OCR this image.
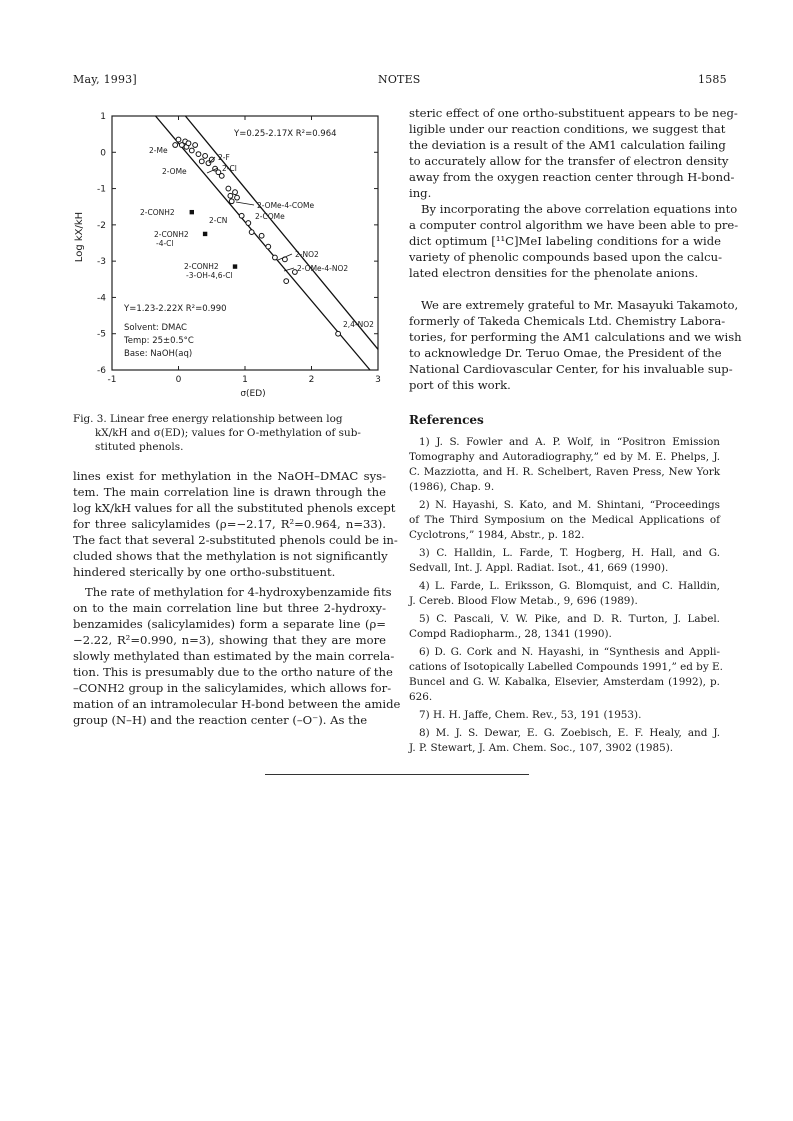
May, 1993]	NOTES	1585
-1	0	1	2	3
1
0
-1
-2
-3
-4
-5
-6
σ(ED)
Log kX/kH
Y=0.25-2.17X R²=0.964
Y=1.23-2.22X R²=0.990
Solvent: DMAC
Temp: 25±0.5°C
Base: NaOH(aq)
2-Me
2-F
2-OMe	2-Cl
2-OMe-4-COMe
2-CONH2
2-CN	2-COMe
2-CONH2 -4-Cl
2-NO2
2-CONH2 -3-OH-4,6-Cl
2-OMe-4-NO2
2,4-NO2
Fig. 3. Linear free energy relationship between log
kX/kH and σ(ED); values for O-methylation of sub-
stituted phenols.
lines exist for methylation in the NaOH–DMAC sys-
tem. The main correlation line is drawn through the
log kX/kH values for all the substituted phenols except
for three salicylamides (ρ=−2.17, R²=0.964, n=33).
The fact that several 2-substituted phenols could be in-
cluded shows that the methylation is not significantly
hindered sterically by one ortho-substituent.
The rate of methylation for 4-hydroxybenzamide fits
on to the main correlation line but three 2-hydroxy-
benzamides (salicylamides) form a separate line (ρ=
−2.22, R²=0.990, n=3), showing that they are more
slowly methylated than estimated by the main correla-
tion. This is presumably due to the ortho nature of the
–CONH2 group in the salicylamides, which allows for-
mation of an intramolecular H-bond between the amide
group (N–H) and the reaction center (–O⁻). As the
steric effect of one ortho-substituent appears to be neg-
ligible under our reaction conditions, we suggest that
the deviation is a result of the AM1 calculation failing
to accurately allow for the transfer of electron density
away from the oxygen reaction center through H-bond-
ing.
By incorporating the above correlation equations into
a computer control algorithm we have been able to pre-
dict optimum [¹¹C]MeI labeling conditions for a wide
variety of phenolic compounds based upon the calcu-
lated electron densities for the phenolate anions.
We are extremely grateful to Mr. Masayuki Takamoto,
formerly of Takeda Chemicals Ltd. Chemistry Labora-
tories, for performing the AM1 calculations and we wish
to acknowledge Dr. Teruo Omae, the President of the
National Cardiovascular Center, for his invaluable sup-
port of this work.
References
1) J. S. Fowler and A. P. Wolf, in “Positron Emission
Tomography and Autoradiography,” ed by M. E. Phelps, J.
C. Mazziotta, and H. R. Schelbert, Raven Press, New York
(1986), Chap. 9.
2) N. Hayashi, S. Kato, and M. Shintani, “Proceedings
of The Third Symposium on the Medical Applications of
Cyclotrons,” 1984, Abstr., p. 182.
3) C. Halldin, L. Farde, T. Hogberg, H. Hall, and G.
Sedvall, Int. J. Appl. Radiat. Isot., 41, 669 (1990).
4) L. Farde, L. Eriksson, G. Blomquist, and C. Halldin,
J. Cereb. Blood Flow Metab., 9, 696 (1989).
5) C. Pascali, V. W. Pike, and D. R. Turton, J. Label.
Compd Radiopharm., 28, 1341 (1990).
6) D. G. Cork and N. Hayashi, in “Synthesis and Appli-
cations of Isotopically Labelled Compounds 1991,” ed by E.
Buncel and G. W. Kabalka, Elsevier, Amsterdam (1992), p.
626.
7) H. H. Jaffe, Chem. Rev., 53, 191 (1953).
8) M. J. S. Dewar, E. G. Zoebisch, E. F. Healy, and J.
J. P. Stewart, J. Am. Chem. Soc., 107, 3902 (1985).
